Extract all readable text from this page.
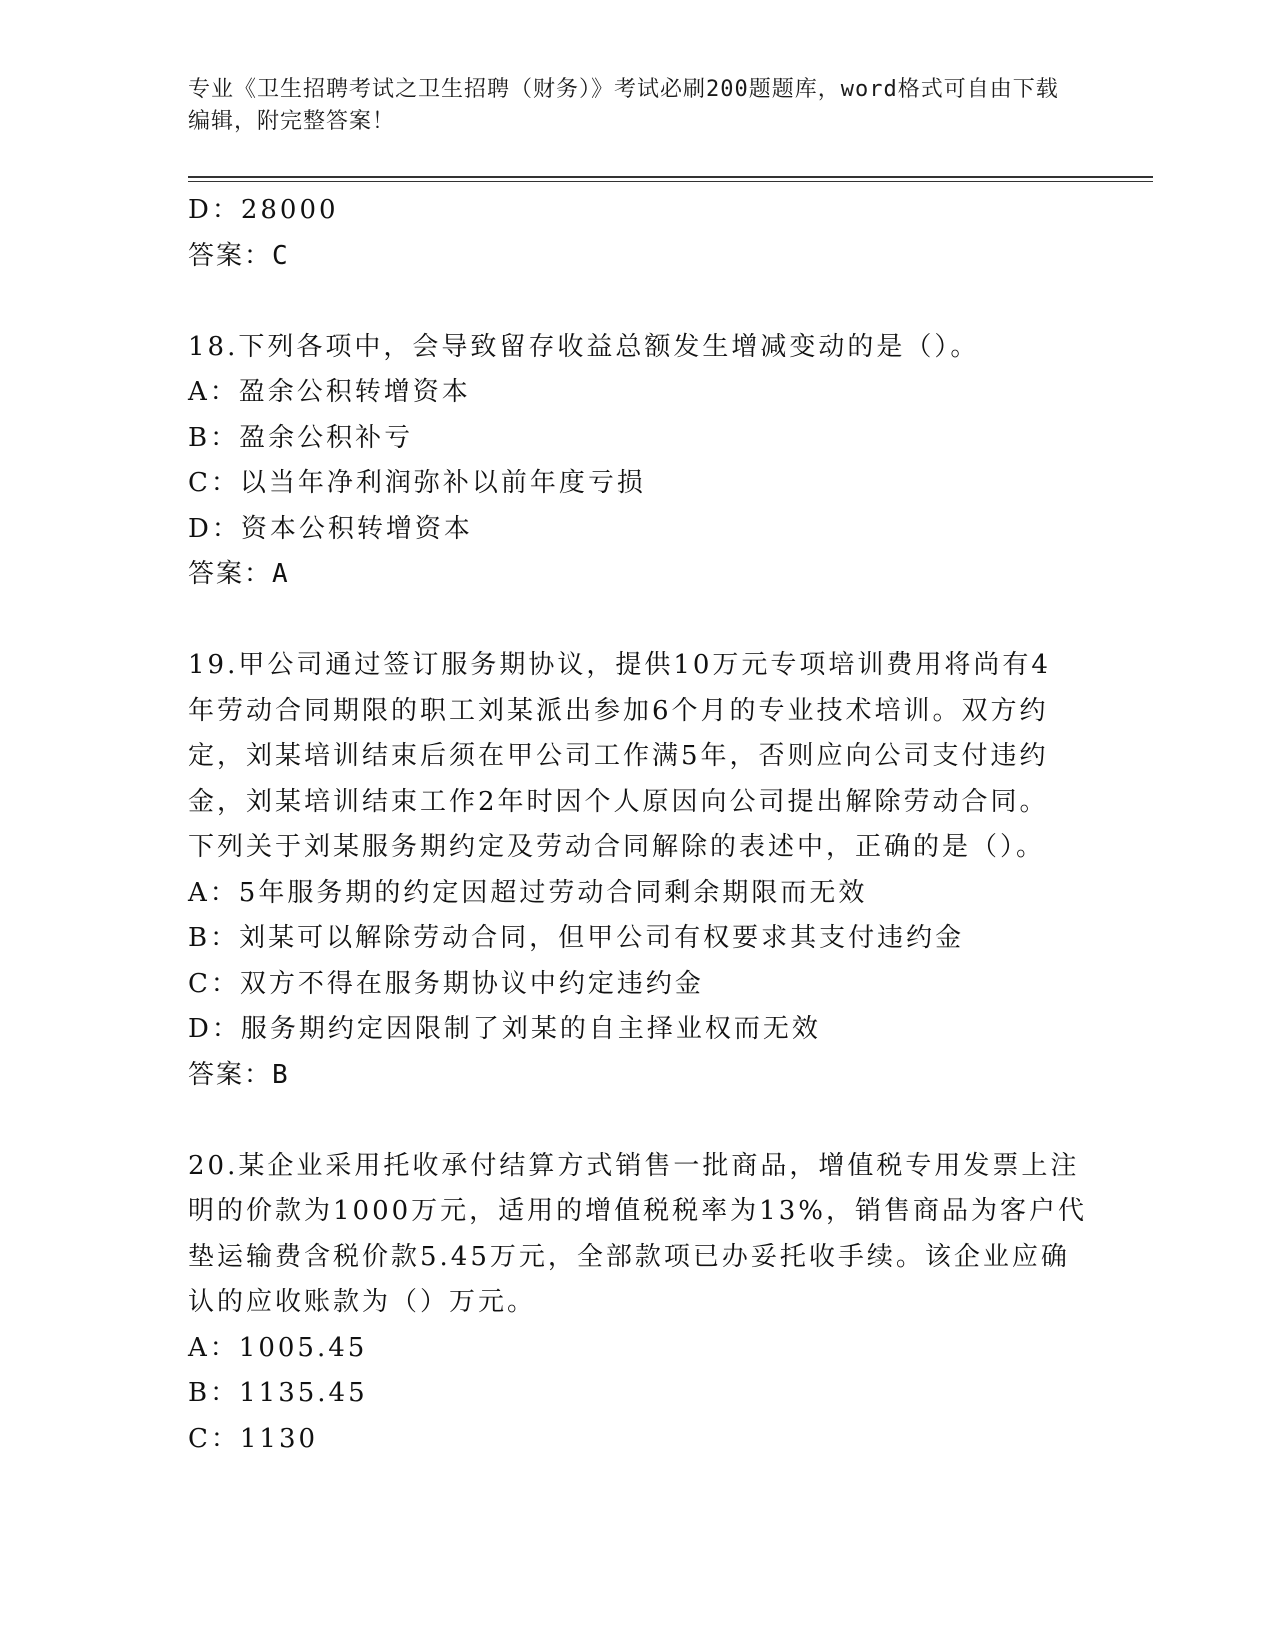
专业《卫生招聘考试之卫生招聘（财务）》考试必刷200题题库，word格式可自由下载编辑，附完整答案！
D：28000
答案：C
18.下列各项中，会导致留存收益总额发生增减变动的是（）。
A：盈余公积转增资本
B：盈余公积补亏
C：以当年净利润弥补以前年度亏损
D：资本公积转增资本
答案：A
19.甲公司通过签订服务期协议，提供10万元专项培训费用将尚有4
年劳动合同期限的职工刘某派出参加6个月的专业技术培训。双方约
定，刘某培训结束后须在甲公司工作满5年，否则应向公司支付违约
金，刘某培训结束工作2年时因个人原因向公司提出解除劳动合同。
下列关于刘某服务期约定及劳动合同解除的表述中，正确的是（）。
A：5年服务期的约定因超过劳动合同剩余期限而无效
B：刘某可以解除劳动合同，但甲公司有权要求其支付违约金
C：双方不得在服务期协议中约定违约金
D：服务期约定因限制了刘某的自主择业权而无效
答案：B
20.某企业采用托收承付结算方式销售一批商品，增值税专用发票上注
明的价款为1000万元，适用的增值税税率为13%，销售商品为客户代
垫运输费含税价款5.45万元，全部款项已办妥托收手续。该企业应确
认的应收账款为（）万元。
A：1005.45
B：1135.45
C：1130
